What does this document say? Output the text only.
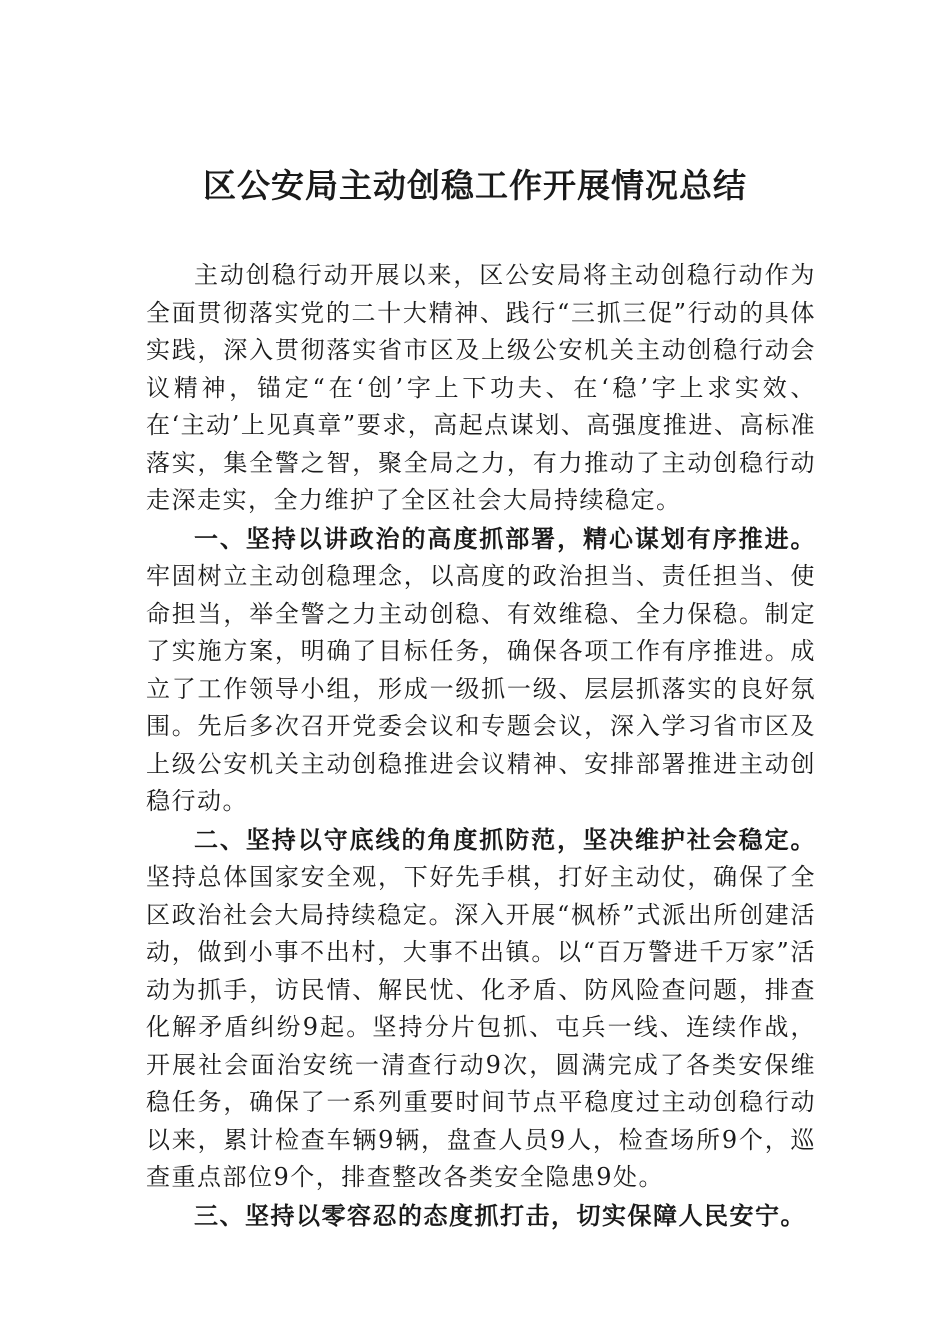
区公安局主动创稳工作开展情况总结

主动创稳行动开展以来，区公安局将主动创稳行动作为全面贯彻落实党的二十大精神、践行“三抓三促”行动的具体实践，深入贯彻落实省市区及上级公安机关主动创稳行动会议精神，锚定“在‘创’字上下功夫、在‘稳’字上求实效、在‘主动’上见真章”要求，高起点谋划、高强度推进、高标准落实，集全警之智，聚全局之力，有力推动了主动创稳行动走深走实，全力维护了全区社会大局持续稳定。

一、坚持以讲政治的高度抓部署，精心谋划有序推进。牢固树立主动创稳理念，以高度的政治担当、责任担当、使命担当，举全警之力主动创稳、有效维稳、全力保稳。制定了实施方案，明确了目标任务，确保各项工作有序推进。成立了工作领导小组，形成一级抓一级、层层抓落实的良好氛围。先后多次召开党委会议和专题会议，深入学习省市区及上级公安机关主动创稳推进会议精神、安排部署推进主动创稳行动。

二、坚持以守底线的角度抓防范，坚决维护社会稳定。坚持总体国家安全观，下好先手棋，打好主动仗，确保了全区政治社会大局持续稳定。深入开展“枫桥”式派出所创建活动，做到小事不出村，大事不出镇。以“百万警进千万家”活动为抓手，访民情、解民忧、化矛盾、防风险查问题，排查化解矛盾纠纷9起。坚持分片包抓、屯兵一线、连续作战，开展社会面治安统一清查行动9次，圆满完成了各类安保维稳任务，确保了一系列重要时间节点平稳度过主动创稳行动以来，累计检查车辆9辆，盘查人员9人，检查场所9个，巡查重点部位9个，排查整改各类安全隐患9处。

三、坚持以零容忍的态度抓打击，切实保障人民安宁。
